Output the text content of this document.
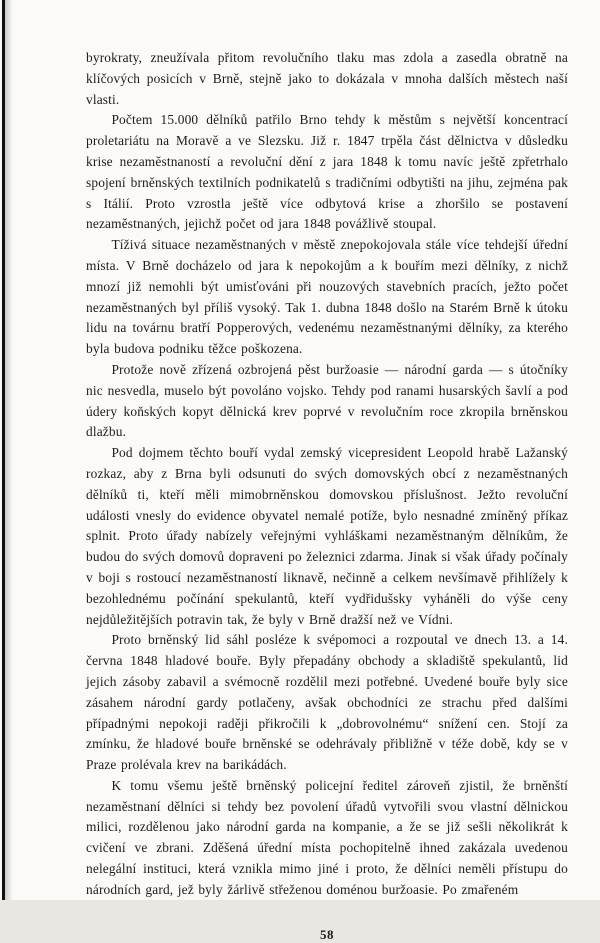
byrokraty, zneužívala přitom revolučního tlaku mas zdola a zasedla obratně na klíčových posicích v Brně, stejně jako to dokázala v mnoha dalších městech naší vlasti.

Počtem 15.000 dělníků patřilo Brno tehdy k městům s největší koncentrací proletariátu na Moravě a ve Slezsku. Již r. 1847 trpěla část dělnictva v důsledku krise nezaměstnaností a revoluční dění z jara 1848 k tomu navíc ještě zpřetrhalo spojení brněnských textilních podnikatelů s tradičními odbytišti na jihu, zejména pak s Itálií. Proto vzrostla ještě více odbytová krise a zhoršilo se postavení nezaměstnaných, jejichž počet od jara 1848 povážlivě stoupal.

Tíživá situace nezaměstnaných v městě znepokojovala stále více tehdejší úřední místa. V Brně docházelo od jara k nepokojům a k bouřím mezi dělníky, z nichž mnozí již nemohli být umisťováni při nouzových stavebních pracích, ježto počet nezaměstnaných byl příliš vysoký. Tak 1. dubna 1848 došlo na Starém Brně k útoku lidu na továrnu bratří Popperových, vedenému nezaměstnanými dělníky, za kterého byla budova podniku těžce poškozena.

Protože nově zřízená ozbrojená pěst buržoasie — národní garda — s útočníky nic nesvedla, muselo být povoláno vojsko. Tehdy pod ranami husarských šavlí a pod údery koňských kopyt dělnická krev poprvé v revolučním roce zkropila brněnskou dlažbu.

Pod dojmem těchto bouří vydal zemský vicepresident Leopold hrabě Lažanský rozkaz, aby z Brna byli odsunuti do svých domovských obcí z nezaměstnaných dělníků ti, kteří měli mimobrněnskou domovskou příslušnost. Ježto revoluční události vnesly do evidence obyvatel nemalé potíže, bylo nesnadné zmíněný příkaz splnit. Proto úřady nabízely veřejnými vyhláškami nezaměstnaným dělníkům, že budou do svých domovů dopraveni po železnici zdarma. Jinak si však úřady počínaly v boji s rostoucí nezaměstnaností liknavě, nečinně a celkem nevšímavě přihlížely k bezohlednému počínání spekulantů, kteří vydřidušsky vyháněli do výše ceny nejdůležitějších potravin tak, že byly v Brně dražší než ve Vídni.

Proto brněnský lid sáhl posléze k svépomoci a rozpoutal ve dnech 13. a 14. června 1848 hladové bouře. Byly přepadány obchody a skladiště spekulantů, lid jejich zásoby zabavil a svémocně rozdělil mezi potřebné. Uvedené bouře byly sice zásahem národní gardy potlačeny, avšak obchodníci ze strachu před dalšími případnými nepokoji raději přikročili k „dobrovolnému“ snížení cen. Stojí za zmínku, že hladové bouře brněnské se odehrávaly přibližně v téže době, kdy se v Praze prolévala krev na barikádách.

K tomu všemu ještě brněnský policejní ředitel zároveň zjistil, že brněnští nezaměstnaní dělníci si tehdy bez povolení úřadů vytvořili svou vlastní dělnickou milici, rozdělenou jako národní garda na kompanie, a že se již sešli několikrát k cvičení ve zbrani. Zděšená úřední místa pochopitelně ihned zakázala uvedenou nelegální instituci, která vznikla mimo jiné i proto, že dělníci neměli přístupu do národních gard, jež byly žárlivě střeženou doménou buržoasie. Po zmařeném

58
